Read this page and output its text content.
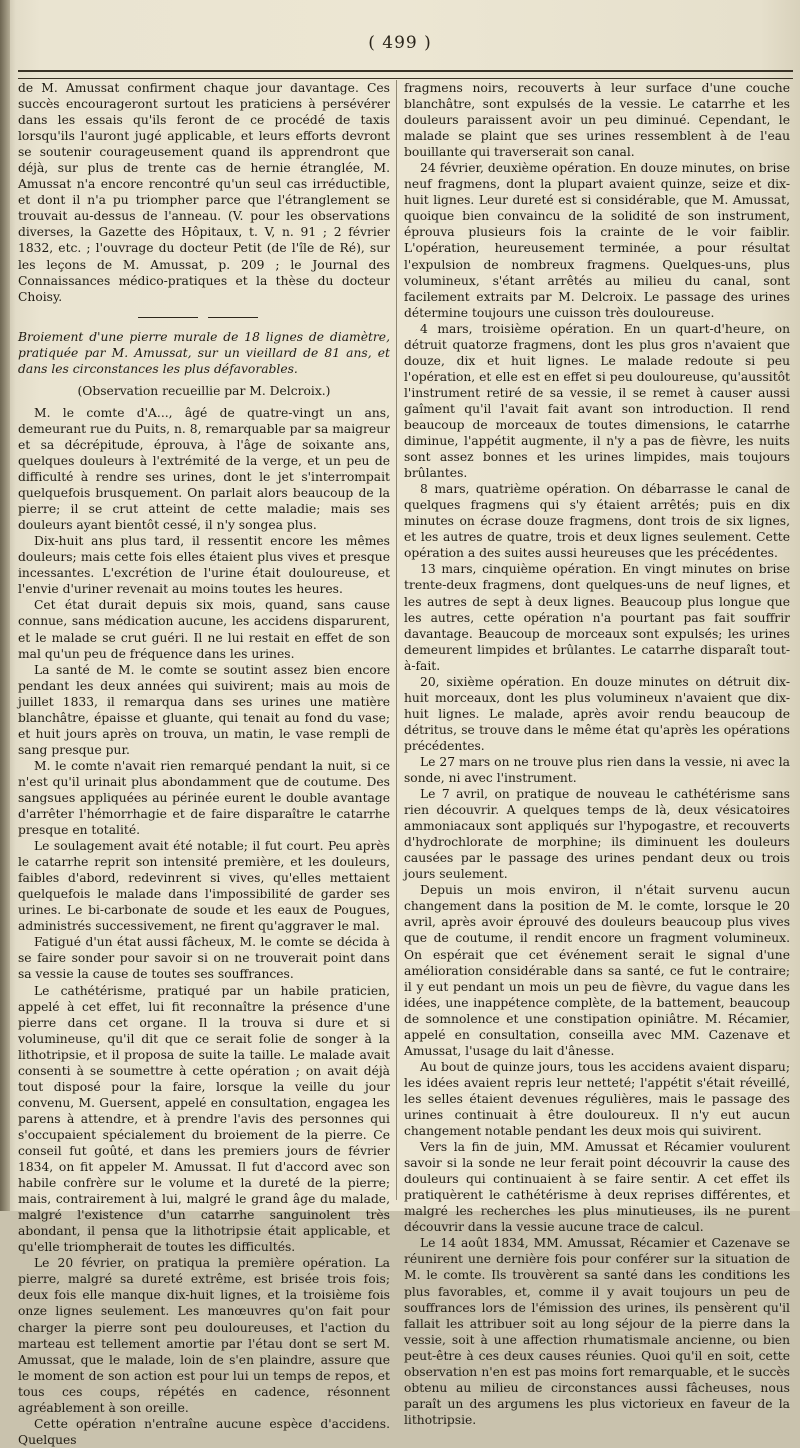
( 499 )

de M. Amussat confirment chaque jour davantage. Ces succès encourageront surtout les praticiens à persévérer dans les essais qu'ils feront de ce procédé de taxis lorsqu'ils l'auront jugé applicable, et leurs efforts devront se soutenir courageusement quand ils apprendront que déjà, sur plus de trente cas de hernie étranglée, M. Amussat n'a encore rencontré qu'un seul cas irréductible, et dont il n'a pu triompher parce que l'étranglement se trouvait au-dessus de l'anneau. (V. pour les observations diverses, la Gazette des Hôpitaux, t. V, n. 91 ; 2 février 1832, etc. ; l'ouvrage du docteur Petit (de l'île de Ré), sur les leçons de M. Amussat, p. 209 ; le Journal des Connaissances médico-pratiques et la thèse du docteur Choisy.

Broiement d'une pierre murale de 18 lignes de diamètre, pratiquée par M. Amussat, sur un vieillard de 81 ans, et dans les circonstances les plus défavorables.

(Observation recueillie par M. Delcroix.)

M. le comte d'A..., âgé de quatre-vingt un ans, demeurant rue du Puits, n. 8, remarquable par sa maigreur et sa décrépitude, éprouva, à l'âge de soixante ans, quelques douleurs à l'extrémité de la verge, et un peu de difficulté à rendre ses urines, dont le jet s'interrompait quelquefois brusquement. On parlait alors beaucoup de la pierre; il se crut atteint de cette maladie; mais ses douleurs ayant bientôt cessé, il n'y songea plus.

Dix-huit ans plus tard, il ressentit encore les mêmes douleurs; mais cette fois elles étaient plus vives et presque incessantes. L'excrétion de l'urine était douloureuse, et l'envie d'uriner revenait au moins toutes les heures.

Cet état durait depuis six mois, quand, sans cause connue, sans médication aucune, les accidens disparurent, et le malade se crut guéri. Il ne lui restait en effet de son mal qu'un peu de fréquence dans les urines.

La santé de M. le comte se soutint assez bien encore pendant les deux années qui suivirent; mais au mois de juillet 1833, il remarqua dans ses urines une matière blanchâtre, épaisse et gluante, qui tenait au fond du vase; et huit jours après on trouva, un matin, le vase rempli de sang presque pur.

M. le comte n'avait rien remarqué pendant la nuit, si ce n'est qu'il urinait plus abondamment que de coutume. Des sangsues appliquées au périnée eurent le double avantage d'arrêter l'hémorrhagie et de faire disparaître le catarrhe presque en totalité.

Le soulagement avait été notable; il fut court. Peu après le catarrhe reprit son intensité première, et les douleurs, faibles d'abord, redevinrent si vives, qu'elles mettaient quelquefois le malade dans l'impossibilité de garder ses urines. Le bi-carbonate de soude et les eaux de Pougues, administrés successivement, ne firent qu'aggraver le mal.

Fatigué d'un état aussi fâcheux, M. le comte se décida à se faire sonder pour savoir si on ne trouverait point dans sa vessie la cause de toutes ses souffrances.

Le cathétérisme, pratiqué par un habile praticien, appelé à cet effet, lui fit reconnaître la présence d'une pierre dans cet organe. Il la trouva si dure et si volumineuse, qu'il dit que ce serait folie de songer à la lithotripsie, et il proposa de suite la taille. Le malade avait consenti à se soumettre à cette opération ; on avait déjà tout disposé pour la faire, lorsque la veille du jour convenu, M. Guersent, appelé en consultation, engagea les parens à attendre, et à prendre l'avis des personnes qui s'occupaient spécialement du broiement de la pierre. Ce conseil fut goûté, et dans les premiers jours de février 1834, on fit appeler M. Amussat. Il fut d'accord avec son habile confrère sur le volume et la dureté de la pierre; mais, contrairement à lui, malgré le grand âge du malade, malgré l'existence d'un catarrhe sanguinolent très abondant, il pensa que la lithotripsie était applicable, et qu'elle triompherait de toutes les difficultés.

Le 20 février, on pratiqua la première opération. La pierre, malgré sa dureté extrême, est brisée trois fois; deux fois elle manque dix-huit lignes, et la troisième fois onze lignes seulement. Les manœuvres qu'on fait pour charger la pierre sont peu douloureuses, et l'action du marteau est tellement amortie par l'étau dont se sert M. Amussat, que le malade, loin de s'en plaindre, assure que le moment de son action est pour lui un temps de repos, et tous ces coups, répétés en cadence, résonnent agréablement à son oreille.

Cette opération n'entraîne aucune espèce d'accidens. Quelques

fragmens noirs, recouverts à leur surface d'une couche blanchâtre, sont expulsés de la vessie. Le catarrhe et les douleurs paraissent avoir un peu diminué. Cependant, le malade se plaint que ses urines ressemblent à de l'eau bouillante qui traverserait son canal.

24 février, deuxième opération. En douze minutes, on brise neuf fragmens, dont la plupart avaient quinze, seize et dix-huit lignes. Leur dureté est si considérable, que M. Amussat, quoique bien convaincu de la solidité de son instrument, éprouva plusieurs fois la crainte de le voir faiblir. L'opération, heureusement terminée, a pour résultat l'expulsion de nombreux fragmens. Quelques-uns, plus volumineux, s'étant arrêtés au milieu du canal, sont facilement extraits par M. Delcroix. Le passage des urines détermine toujours une cuisson très douloureuse.

4 mars, troisième opération. En un quart-d'heure, on détruit quatorze fragmens, dont les plus gros n'avaient que douze, dix et huit lignes. Le malade redoute si peu l'opération, et elle est en effet si peu douloureuse, qu'aussitôt l'instrument retiré de sa vessie, il se remet à causer aussi gaîment qu'il l'avait fait avant son introduction. Il rend beaucoup de morceaux de toutes dimensions, le catarrhe diminue, l'appétit augmente, il n'y a pas de fièvre, les nuits sont assez bonnes et les urines limpides, mais toujours brûlantes.

8 mars, quatrième opération. On débarrasse le canal de quelques fragmens qui s'y étaient arrêtés; puis en dix minutes on écrase douze fragmens, dont trois de six lignes, et les autres de quatre, trois et deux lignes seulement. Cette opération a des suites aussi heureuses que les précédentes.

13 mars, cinquième opération. En vingt minutes on brise trente-deux fragmens, dont quelques-uns de neuf lignes, et les autres de sept à deux lignes. Beaucoup plus longue que les autres, cette opération n'a pourtant pas fait souffrir davantage. Beaucoup de morceaux sont expulsés; les urines demeurent limpides et brûlantes. Le catarrhe disparaît tout-à-fait.

20, sixième opération. En douze minutes on détruit dix-huit morceaux, dont les plus volumineux n'avaient que dix-huit lignes. Le malade, après avoir rendu beaucoup de détritus, se trouve dans le même état qu'après les opérations précédentes.

Le 27 mars on ne trouve plus rien dans la vessie, ni avec la sonde, ni avec l'instrument.

Le 7 avril, on pratique de nouveau le cathétérisme sans rien découvrir. A quelques temps de là, deux vésicatoires ammoniacaux sont appliqués sur l'hypogastre, et recouverts d'hydrochlorate de morphine; ils diminuent les douleurs causées par le passage des urines pendant deux ou trois jours seulement.

Depuis un mois environ, il n'était survenu aucun changement dans la position de M. le comte, lorsque le 20 avril, après avoir éprouvé des douleurs beaucoup plus vives que de coutume, il rendit encore un fragment volumineux. On espérait que cet événement serait le signal d'une amélioration considérable dans sa santé, ce fut le contraire; il y eut pendant un mois un peu de fièvre, du vague dans les idées, une inappétence complète, de la battement, beaucoup de somnolence et une constipation opiniâtre. M. Récamier, appelé en consultation, conseilla avec MM. Cazenave et Amussat, l'usage du lait d'ânesse.

Au bout de quinze jours, tous les accidens avaient disparu; les idées avaient repris leur netteté; l'appétit s'était réveillé, les selles étaient devenues régulières, mais le passage des urines continuait à être douloureux. Il n'y eut aucun changement notable pendant les deux mois qui suivirent.

Vers la fin de juin, MM. Amussat et Récamier voulurent savoir si la sonde ne leur ferait point découvrir la cause des douleurs qui continuaient à se faire sentir. A cet effet ils pratiquèrent le cathétérisme à deux reprises différentes, et malgré les recherches les plus minutieuses, ils ne purent découvrir dans la vessie aucune trace de calcul.

Le 14 août 1834, MM. Amussat, Récamier et Cazenave se réunirent une dernière fois pour conférer sur la situation de M. le comte. Ils trouvèrent sa santé dans les conditions les plus favorables, et, comme il y avait toujours un peu de souffrances lors de l'émission des urines, ils pensèrent qu'il fallait les attribuer soit au long séjour de la pierre dans la vessie, soit à une affection rhumatismale ancienne, ou bien peut-être à ces deux causes réunies. Quoi qu'il en soit, cette observation n'en est pas moins fort remarquable, et le succès obtenu au milieu de circonstances aussi fâcheuses, nous paraît un des argumens les plus victorieux en faveur de la lithotripsie.
